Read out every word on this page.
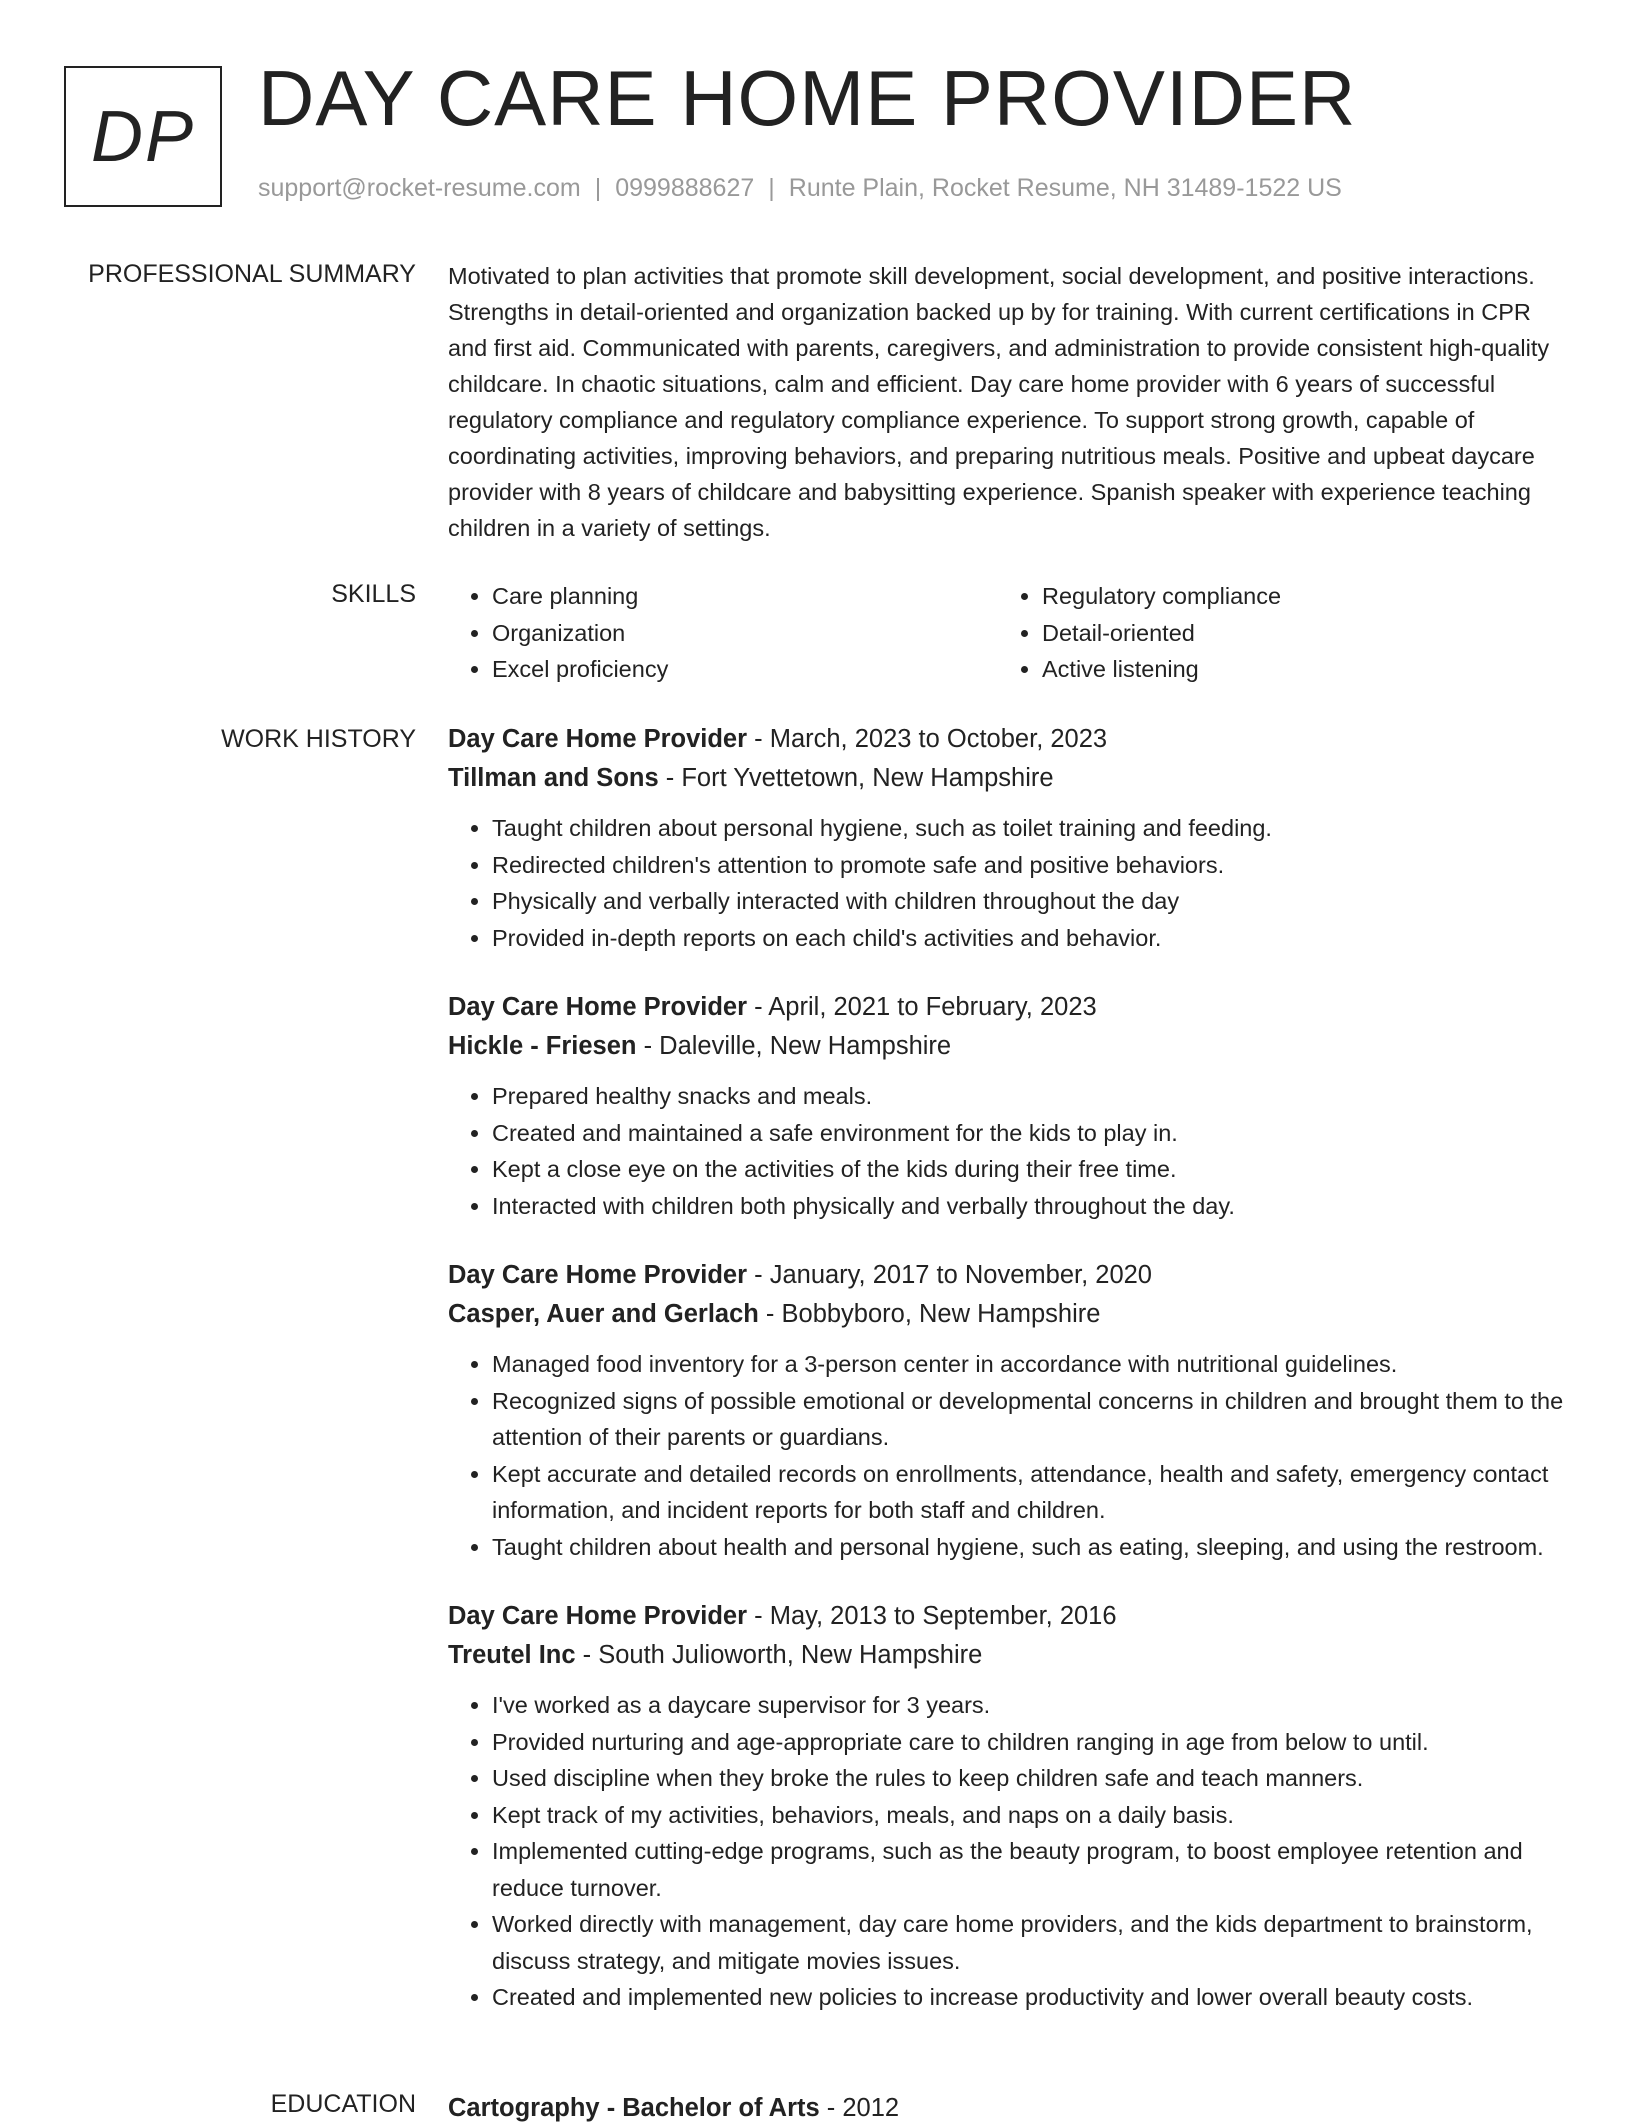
DP DAY CARE HOME PROVIDER
support@rocket-resume.com | 0999888627 | Runte Plain, Rocket Resume, NH 31489-1522 US
PROFESSIONAL SUMMARY Motivated to plan activities that promote skill development, social development, and positive interactions. Strengths in detail-oriented and organization backed up by for training. With current certifications in CPR and first aid. Communicated with parents, caregivers, and administration to provide consistent high-quality childcare. In chaotic situations, calm and efficient. Day care home provider with 6 years of successful regulatory compliance and regulatory compliance experience. To support strong growth, capable of coordinating activities, improving behaviors, and preparing nutritious meals. Positive and upbeat daycare provider with 8 years of childcare and babysitting experience. Spanish speaker with experience teaching children in a variety of settings.

SKILLS
•	Care planning
• Organization
• Excel proficiency
• Regulatory compliance
• Detail-oriented
• Active listening
WORK HISTORY Day Care Home Provider - March, 2023 to October, 2023
Tillman and Sons - Fort Yvettetown, New Hampshire
• Taught children about personal hygiene, such as toilet training and feeding.
• Redirected children's attention to promote safe and positive behaviors.
• Physically and verbally interacted with children throughout the day
• Provided in-depth reports on each child's activities and behavior.
Day Care Home Provider - April, 2021 to February, 2023
Hickle - Friesen - Daleville, New Hampshire
• Prepared healthy snacks and meals.
• Created and maintained a safe environment for the kids to play in.
• Kept a close eye on the activities of the kids during their free time.
• Interacted with children both physically and verbally throughout the day.
Day Care Home Provider - January, 2017 to November, 2020
Casper, Auer and Gerlach - Bobbyboro, New Hampshire
• Managed food inventory for a 3-person center in accordance with nutritional guidelines.
• Recognized signs of possible emotional or developmental concerns in children and brought them to the attention of their parents or guardians.
• Kept accurate and detailed records on enrollments, attendance, health and safety, emergency contact information, and incident reports for both staff and children.
• Taught children about health and personal hygiene, such as eating, sleeping, and using the restroom.
Day Care Home Provider - May, 2013 to September, 2016
Treutel Inc - South Julioworth, New Hampshire
• I've worked as a daycare supervisor for 3 years.
• Provided nurturing and age-appropriate care to children ranging in age from below to until.
• Used discipline when they broke the rules to keep children safe and teach manners.
• Kept track of my activities, behaviors, meals, and naps on a daily basis.
• Implemented cutting-edge programs, such as the beauty program, to boost employee retention and reduce turnover.
• Worked directly with management, day care home providers, and the kids department to brainstorm, discuss strategy, and mitigate movies issues.
• Created and implemented new policies to increase productivity and lower overall beauty costs.
EDUCATION Cartography - Bachelor of Arts - 2012
